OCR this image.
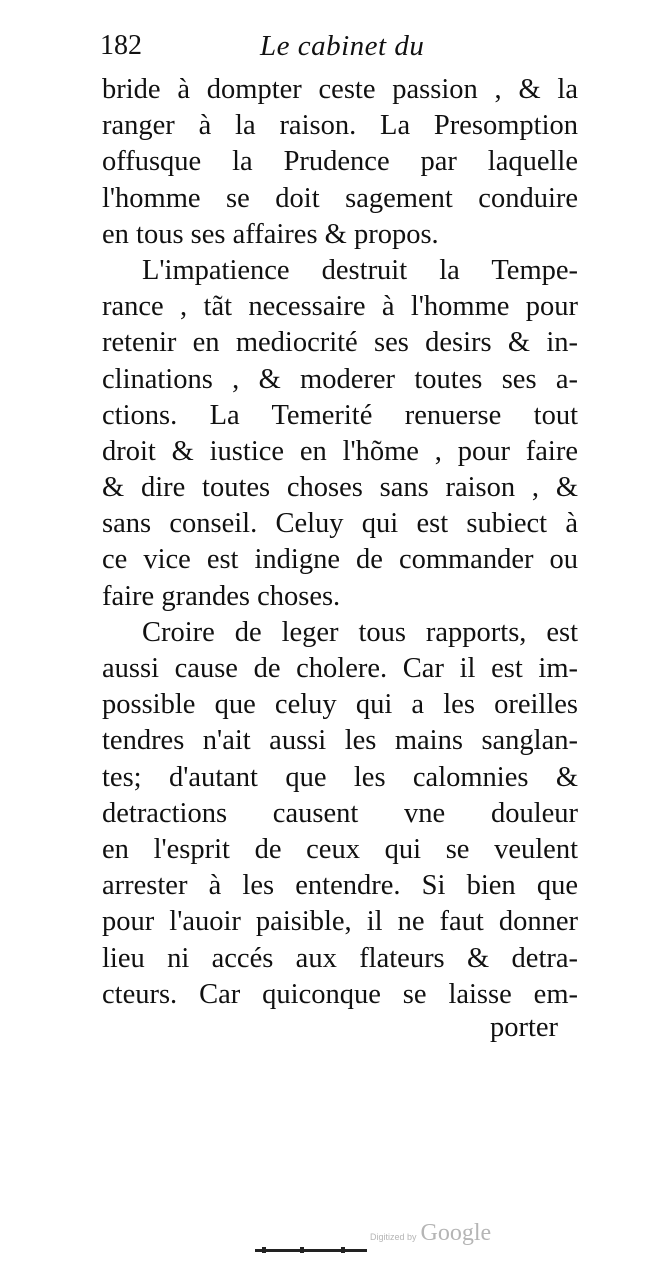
182	Le cabinet du
bride à dompter ceste passion , & la
ranger à la raison. La Presomption
offusque la Prudence par laquelle
l'homme se doit sagement conduire
en tous ses affaires & propos.
L'impatience destruit la Tempe-
rance , tãt necessaire à l'homme pour
retenir en mediocrité ses desirs & in-
clinations , & moderer toutes ses a-
ctions. La Temerité renuerse tout
droit & iustice en l'hõme , pour faire
& dire toutes choses sans raison , &
sans conseil. Celuy qui est subiect à
ce vice est indigne de commander ou
faire grandes choses.
Croire de leger tous rapports, est
aussi cause de cholere. Car il est im-
possible que celuy qui a les oreilles
tendres n'ait aussi les mains sanglan-
tes; d'autant que les calomnies &
detractions causent vne douleur
en l'esprit de ceux qui se veulent
arrester à les entendre. Si bien que
pour l'auoir paisible, il ne faut donner
lieu ni accés aux flateurs & detra-
cteurs. Car quiconque se laisse em-
porter
Digitized by Google
